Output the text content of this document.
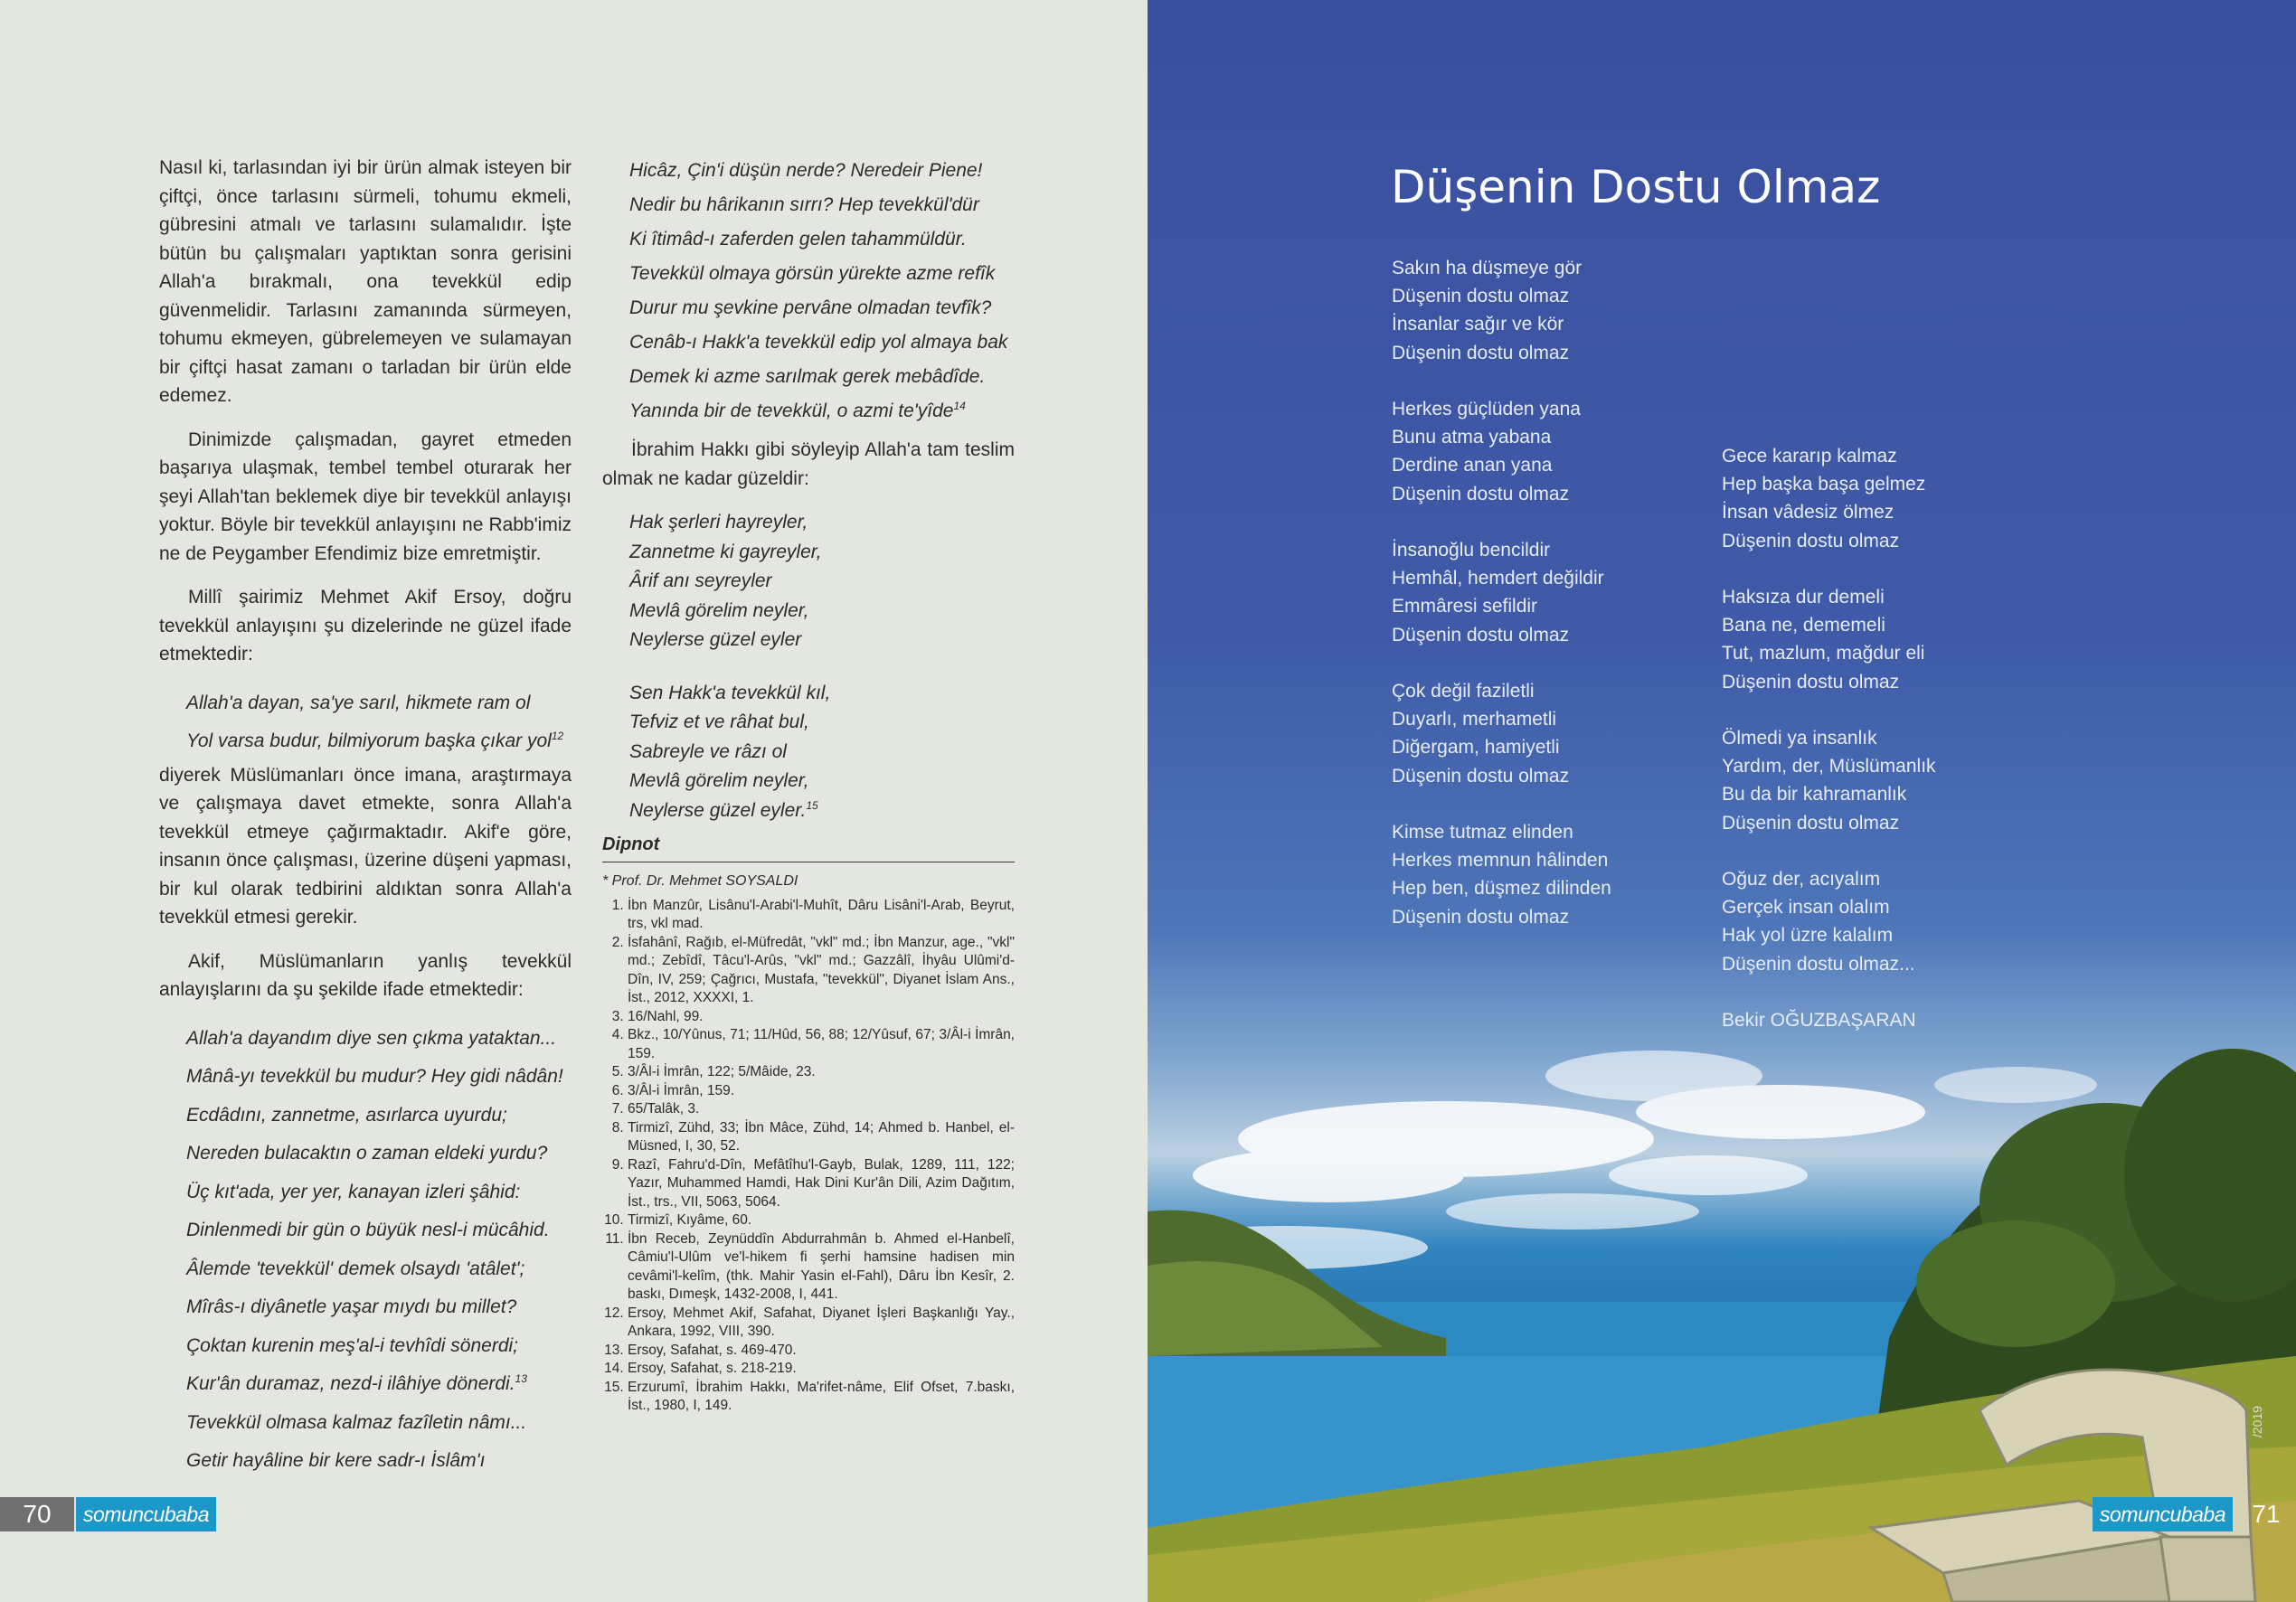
Nasıl ki, tarlasından iyi bir ürün almak isteyen bir çiftçi, önce tarlasını sürmeli, tohumu ekmeli, gübresini atmalı ve tarlasını sulamalıdır. İşte bütün bu çalışmaları yaptıktan sonra gerisini Allah'a bırakmalı, ona tevekkül edip güvenmelidir. Tarlasını zamanında sürmeyen, tohumu ekmeyen, gübrelemeyen ve sulamayan bir çiftçi hasat zamanı o tarladan bir ürün elde edemez.

Dinimizde çalışmadan, gayret etmeden başarıya ulaşmak, tembel tembel oturarak her şeyi Allah'tan beklemek diye bir tevekkül anlayışı yoktur. Böyle bir tevekkül anlayışını ne Rabb'imiz ne de Peygamber Efendimiz bize emretmiştir.

Millî şairimiz Mehmet Akif Ersoy, doğru tevekkül anlayışını şu dizelerinde ne güzel ifade etmektedir:

Allah'a dayan, sa'ye sarıl, hikmete ram ol
Yol varsa budur, bilmiyorum başka çıkar yol$^{12}$

diyerek Müslümanları önce imana, araştırmaya ve çalışmaya davet etmekte, sonra Allah'a tevekkül etmeye çağırmaktadır. Akif'e göre, insanın önce çalışması, üzerine düşeni yapması, bir kul olarak tedbirini aldıktan sonra Allah'a tevekkül etmesi gerekir.

Akif, Müslümanların yanlış tevekkül anlayışlarını da şu şekilde ifade etmektedir:

Allah'a dayandım diye sen çıkma yataktan...
Mânâ-yı tevekkül bu mudur? Hey gidi nâdân!
Ecdâdını, zannetme, asırlarca uyurdu;
Nereden bulacaktın o zaman eldeki yurdu?
Üç kıt'ada, yer yer, kanayan izleri şâhid:
Dinlenmedi bir gün o büyük nesl-i mücâhid.
Âlemde 'tevekkül' demek olsaydı 'atâlet';
Mîrâs-ı diyânetle yaşar mıydı bu millet?
Çoktan kurenin meş'al-i tevhîdi sönerdi;
Kur'ân duramaz, nezd-i ilâhiye dönerdi.$^{13}$
Tevekkül olmasa kalmaz fazîletin nâmı...
Getir hayâline bir kere sadr-ı İslâm'ı
Hicâz, Çin'i düşün nerde? Neredeir Piene!
Nedir bu hârikanın sırrı? Hep tevekkül'dür
Ki îtimâd-ı zaferden gelen tahammüldür.
Tevekkül olmaya görsün yürekte azme refîk
Durur mu şevkine pervâne olmadan tevfîk?
Cenâb-ı Hakk'a tevekkül edip yol almaya bak
Demek ki azme sarılmak gerek mebâdîde.
Yanında bir de tevekkül, o azmi te'yîde$^{14}$

İbrahim Hakkı gibi söyleyip Allah'a tam teslim olmak ne kadar güzeldir:

Hak şerleri hayreyler,
Zannetme ki gayreyler,
Ârif anı seyreyler
Mevlâ görelim neyler,
Neylerse güzel eyler
Sen Hakk'a tevekkül kıl,
Tefviz et ve râhat bul,
Sabreyle ve râzı ol
Mevlâ görelim neyler,
Neylerse güzel eyler.$^{15}$
Dipnot
* Prof. Dr. Mehmet SOYSALDI
1. İbn Manzûr, Lisânu'l-Arabi'l-Muhît, Dâru Lisâni'l-Arab, Beyrut, trs, vkl mad.
2. İsfahânî, Rağıb, el-Müfredât, "vkl" md.; İbn Manzur, age., "vkl" md.; Zebîdî, Tâcu'l-Arûs, "vkl" md.; Gazzâlî, İhyâu Ulûmi'd-Dîn, IV, 259; Çağrıcı, Mustafa, "tevekkül", Diyanet İslam Ans., İst., 2012, XXXXI, 1.
3. 16/Nahl, 99.
4. Bkz., 10/Yûnus, 71; 11/Hûd, 56, 88; 12/Yûsuf, 67; 3/Âl-i İmrân, 159.
5. 3/Âl-i İmrân, 122; 5/Mâide, 23.
6. 3/Âl-i İmrân, 159.
7. 65/Talâk, 3.
8. Tirmizî, Zühd, 33; İbn Mâce, Zühd, 14; Ahmed b. Hanbel, el-Müsned, I, 30, 52.
9. Razî, Fahru'd-Dîn, Mefâtîhu'l-Gayb, Bulak, 1289, 111, 122; Yazır, Muhammed Hamdi, Hak Dini Kur'ân Dili, Azim Dağıtım, İst., trs., VII, 5063, 5064.
10. Tirmizî, Kıyâme, 60.
11. İbn Receb, Zeynüddîn Abdurrahmân b. Ahmed el-Hanbelî, Câmiu'l-Ulûm ve'l-hikem fi şerhi hamsine hadisen min cevâmi'l-kelîm, (thk. Mahir Yasin el-Fahl), Dâru İbn Kesîr, 2. baskı, Dımeşk, 1432-2008, I, 441.
12. Ersoy, Mehmet Akif, Safahat, Diyanet İşleri Başkanlığı Yay., Ankara, 1992, VIII, 390.
13. Ersoy, Safahat, s. 469-470.
14. Ersoy, Safahat, s. 218-219.
15. Erzurumî, İbrahim Hakkı, Ma'rifet-nâme, Elif Ofset, 7.baskı, İst., 1980, I, 149.
70	somuncubaba
Düşenin Dostu Olmaz
Sakın ha düşmeye gör
Düşenin dostu olmaz
İnsanlar sağır ve kör
Düşenin dostu olmaz
Herkes güçlüden yana
Bunu atma yabana
Derdine anan yana
Düşenin dostu olmaz
İnsanoğlu bencildir
Hemhâl, hemdert değildir
Emmâresi sefildir
Düşenin dostu olmaz
Çok değil faziletli
Duyarlı, merhametli
Diğergam, hamiyetli
Düşenin dostu olmaz
Kimse tutmaz elinden
Herkes memnun hâlinden
Hep ben, düşmez dilinden
Düşenin dostu olmaz
Gece kararıp kalmaz
Hep başka başa gelmez
İnsan vâdesiz ölmez
Düşenin dostu olmaz
Haksıza dur demeli
Bana ne, dememeli
Tut, mazlum, mağdur eli
Düşenin dostu olmaz
Ölmedi ya insanlık
Yardım, der, Müslümanlık
Bu da bir kahramanlık
Düşenin dostu olmaz
Oğuz der, acıyalım
Gerçek insan olalım
Hak yol üzre kalalım
Düşenin dostu olmaz...
Bekir OĞUZBAŞARAN
/2019
somuncubaba	71
